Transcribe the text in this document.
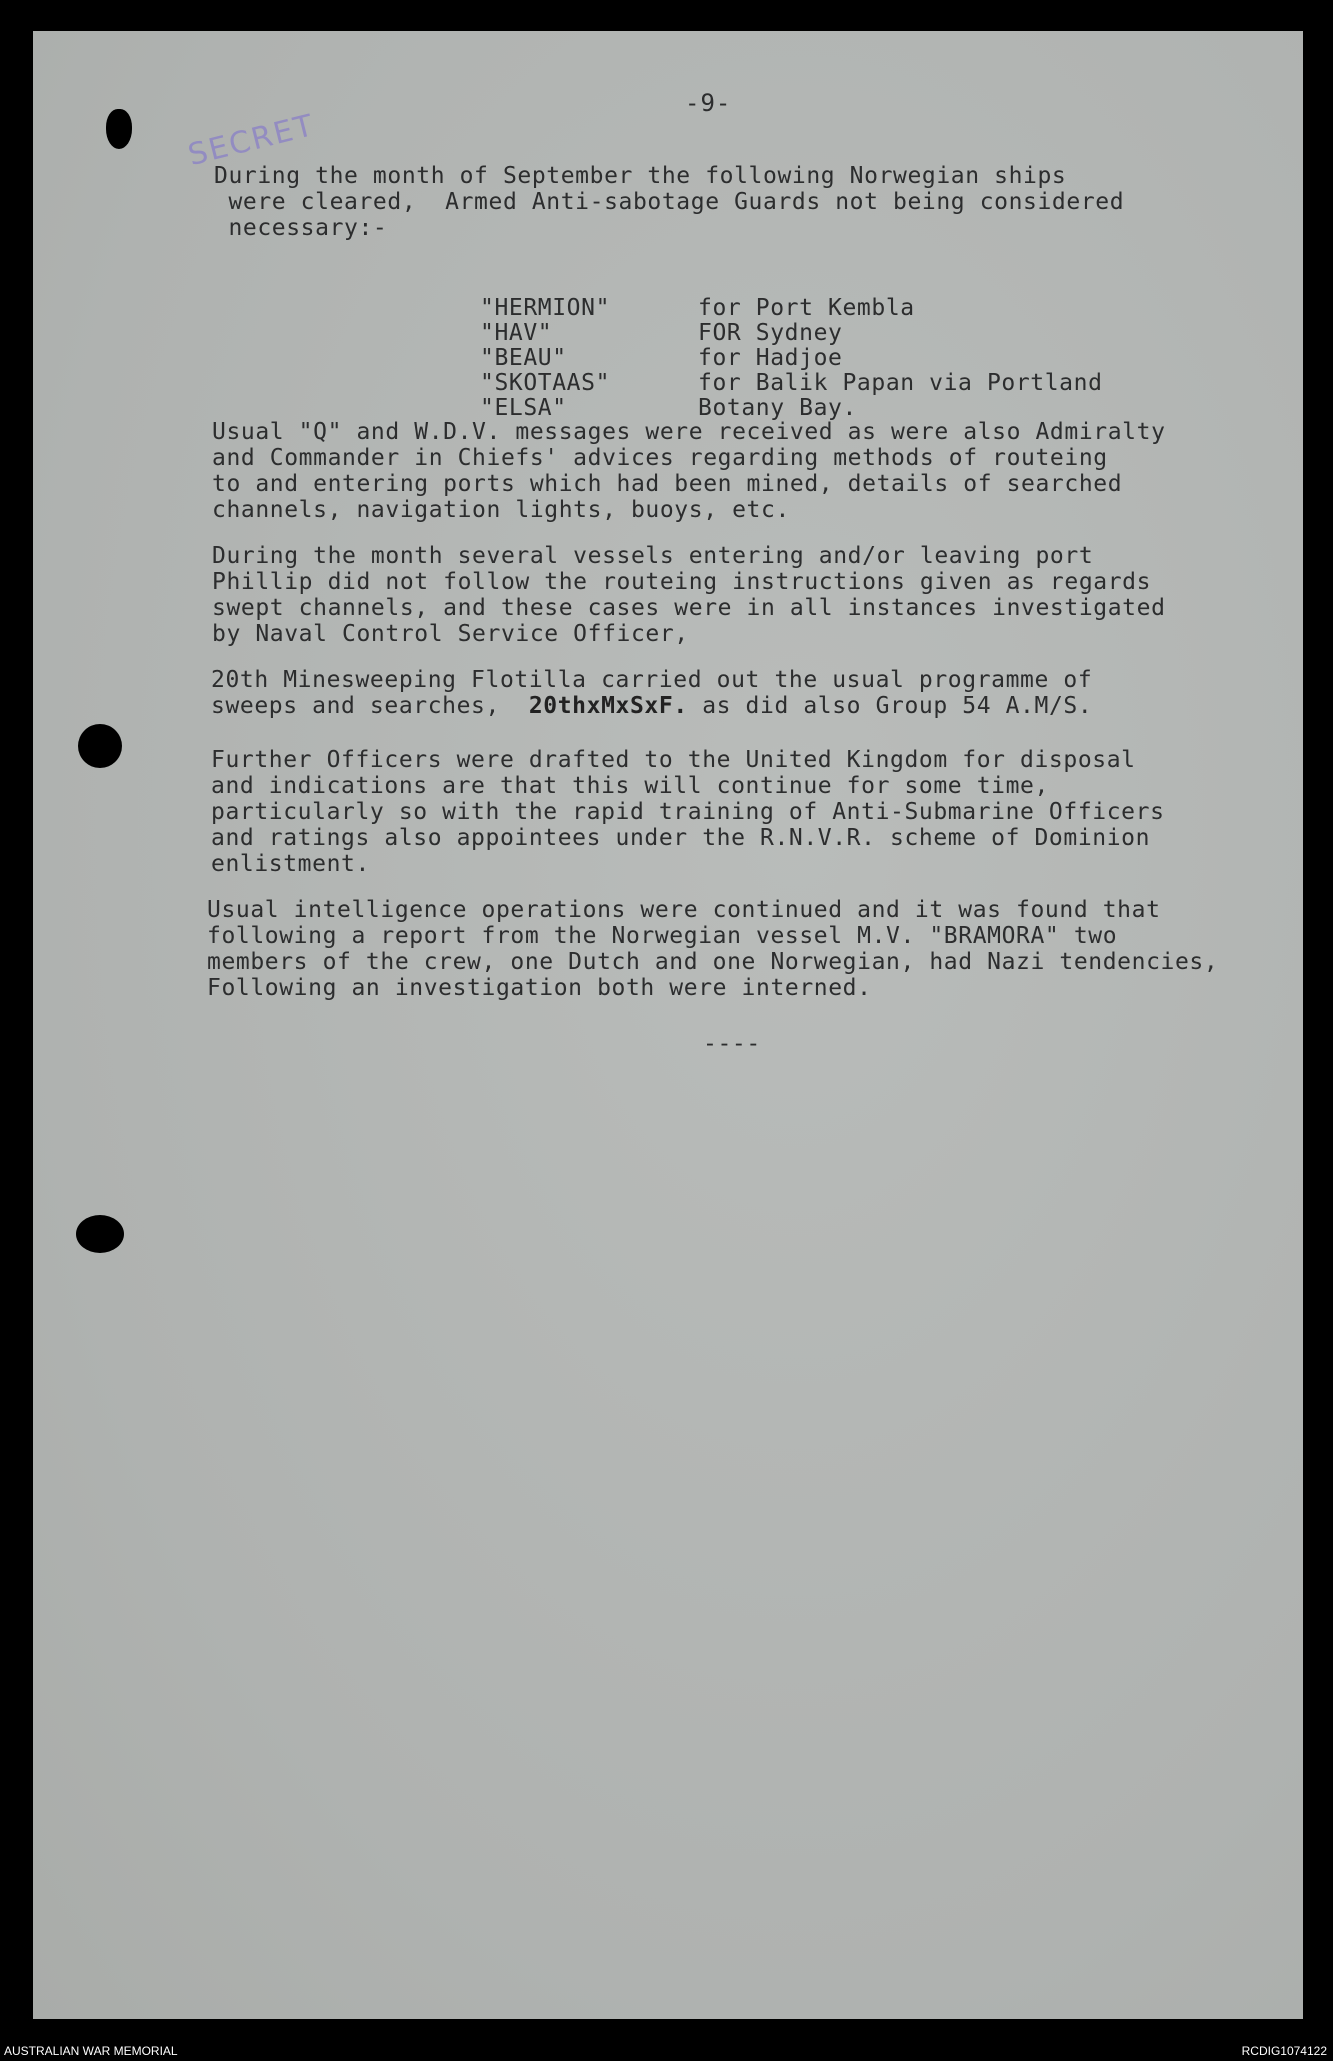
-9-
SECRET

During the month of September the following Norwegian ships
were cleared,  Armed Anti-sabotage Guards not being considered
necessary:-

"HERMION"	for Port Kembla
"HAV"	FOR Sydney
"BEAU"	for Hadjoe
"SKOTAAS"	for Balik Papan via Portland
"ELSA"	Botany Bay.

Usual "Q" and W.D.V. messages were received as were also Admiralty
and Commander in Chiefs' advices regarding methods of routeing
to and entering ports which had been mined, details of searched
channels, navigation lights, buoys, etc.

During the month several vessels entering and/or leaving port
Phillip did not follow the routeing instructions given as regards
swept channels, and these cases were in all instances investigated
by Naval Control Service Officer,

20th Minesweeping Flotilla carried out the usual programme of

sweeps and searches,  20thxMxSxF. as did also Group 54 A.M/S.

Further Officers were drafted to the United Kingdom for disposal
and indications are that this will continue for some time,
particularly so with the rapid training of Anti-Submarine Officers
and ratings also appointees under the R.N.V.R. scheme of Dominion
enlistment.

Usual intelligence operations were continued and it was found that
following a report from the Norwegian vessel M.V. "BRAMORA" two
members of the crew, one Dutch and one Norwegian, had Nazi tendencies,
Following an investigation both were interned.

----

AUSTRALIAN WAR MEMORIAL	RCDIG1074122
